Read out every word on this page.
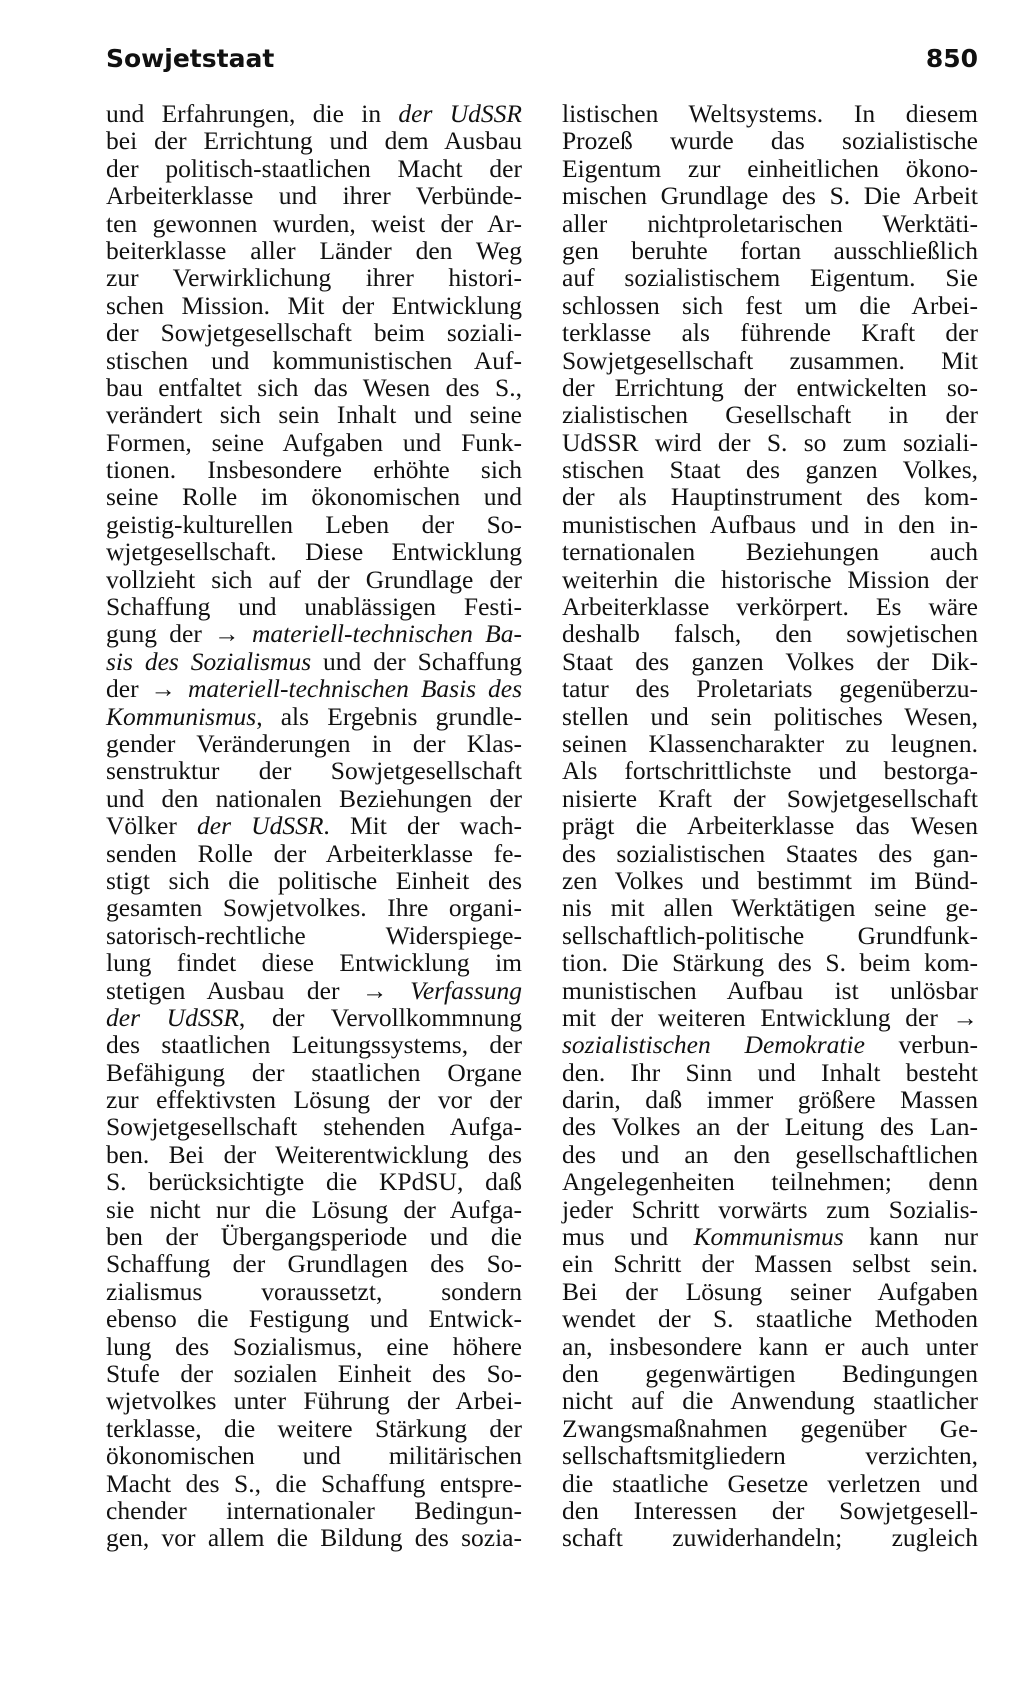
Sowjetstaat	850
und Erfahrungen, die in der UdSSR
bei der Errichtung und dem Ausbau
der politisch-staatlichen Macht der
Arbeiterklasse und ihrer Verbünde-
ten gewonnen wurden, weist der Ar-
beiterklasse aller Länder den Weg
zur Verwirklichung ihrer histori-
schen Mission. Mit der Entwicklung
der Sowjetgesellschaft beim soziali-
stischen und kommunistischen Auf-
bau entfaltet sich das Wesen des S.,
verändert sich sein Inhalt und seine
Formen, seine Aufgaben und Funk-
tionen. Insbesondere erhöhte sich
seine Rolle im ökonomischen und
geistig-kulturellen Leben der So-
wjetgesellschaft. Diese Entwicklung
vollzieht sich auf der Grundlage der
Schaffung und unablässigen Festi-
gung der → materiell-technischen Ba-
sis des Sozialismus und der Schaffung
der → materiell-technischen Basis des
Kommunismus, als Ergebnis grundle-
gender Veränderungen in der Klas-
senstruktur der Sowjetgesellschaft
und den nationalen Beziehungen der
Völker der UdSSR. Mit der wach-
senden Rolle der Arbeiterklasse fe-
stigt sich die politische Einheit des
gesamten Sowjetvolkes. Ihre organi-
satorisch-rechtliche Widerspiege-
lung findet diese Entwicklung im
stetigen Ausbau der → Verfassung
der UdSSR, der Vervollkommnung
des staatlichen Leitungssystems, der
Befähigung der staatlichen Organe
zur effektivsten Lösung der vor der
Sowjetgesellschaft stehenden Aufga-
ben. Bei der Weiterentwicklung des
S. berücksichtigte die KPdSU, daß
sie nicht nur die Lösung der Aufga-
ben der Übergangsperiode und die
Schaffung der Grundlagen des So-
zialismus voraussetzt, sondern
ebenso die Festigung und Entwick-
lung des Sozialismus, eine höhere
Stufe der sozialen Einheit des So-
wjetvolkes unter Führung der Arbei-
terklasse, die weitere Stärkung der
ökonomischen und militärischen
Macht des S., die Schaffung entspre-
chender internationaler Bedingun-
gen, vor allem die Bildung des sozia-
listischen Weltsystems. In diesem
Prozeß wurde das sozialistische
Eigentum zur einheitlichen ökono-
mischen Grundlage des S. Die Arbeit
aller nichtproletarischen Werktäti-
gen beruhte fortan ausschließlich
auf sozialistischem Eigentum. Sie
schlossen sich fest um die Arbei-
terklasse als führende Kraft der
Sowjetgesellschaft zusammen. Mit
der Errichtung der entwickelten so-
zialistischen Gesellschaft in der
UdSSR wird der S. so zum soziali-
stischen Staat des ganzen Volkes,
der als Hauptinstrument des kom-
munistischen Aufbaus und in den in-
ternationalen Beziehungen auch
weiterhin die historische Mission der
Arbeiterklasse verkörpert. Es wäre
deshalb falsch, den sowjetischen
Staat des ganzen Volkes der Dik-
tatur des Proletariats gegenüberzu-
stellen und sein politisches Wesen,
seinen Klassencharakter zu leugnen.
Als fortschrittlichste und bestorga-
nisierte Kraft der Sowjetgesellschaft
prägt die Arbeiterklasse das Wesen
des sozialistischen Staates des gan-
zen Volkes und bestimmt im Bünd-
nis mit allen Werktätigen seine ge-
sellschaftlich-politische Grundfunk-
tion. Die Stärkung des S. beim kom-
munistischen Aufbau ist unlösbar
mit der weiteren Entwicklung der →
sozialistischen Demokratie verbun-
den. Ihr Sinn und Inhalt besteht
darin, daß immer größere Massen
des Volkes an der Leitung des Lan-
des und an den gesellschaftlichen
Angelegenheiten teilnehmen; denn
jeder Schritt vorwärts zum Sozialis-
mus und Kommunismus kann nur
ein Schritt der Massen selbst sein.
Bei der Lösung seiner Aufgaben
wendet der S. staatliche Methoden
an, insbesondere kann er auch unter
den gegenwärtigen Bedingungen
nicht auf die Anwendung staatlicher
Zwangsmaßnahmen gegenüber Ge-
sellschaftsmitgliedern verzichten,
die staatliche Gesetze verletzen und
den Interessen der Sowjetgesell-
schaft zuwiderhandeln; zugleich
